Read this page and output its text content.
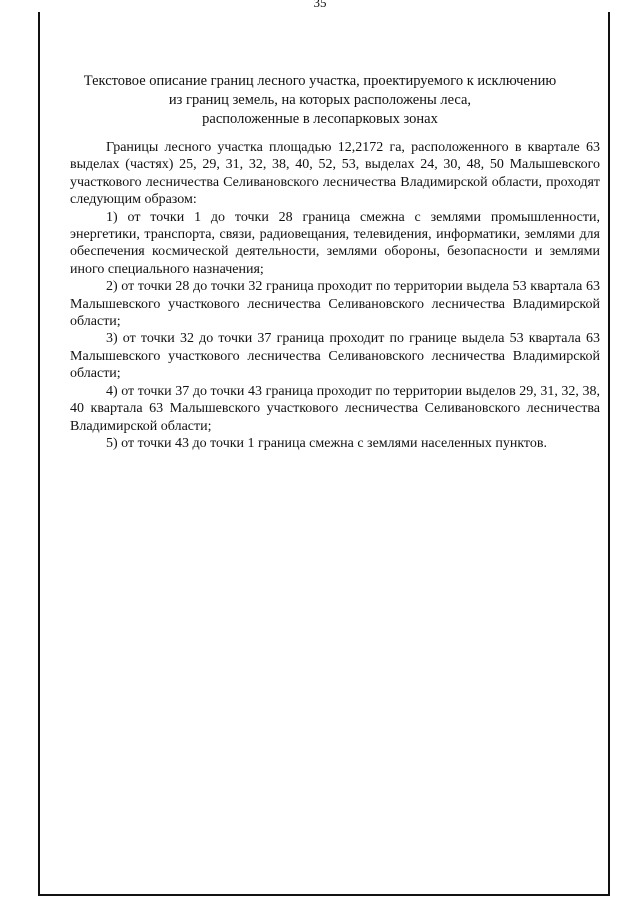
35
Текстовое описание границ лесного участка, проектируемого к исключению
из границ земель, на которых расположены леса,
расположенные в лесопарковых зонах

Границы лесного участка площадью 12,2172 га, расположенного в квартале 63 выделах (частях) 25, 29, 31, 32, 38, 40, 52, 53, выделах 24, 30, 48, 50 Малышевского участкового лесничества Селивановского лесничества Владимирской области, проходят следующим образом:

1) от точки 1 до точки 28 граница смежна с землями промышленности, энергетики, транспорта, связи, радиовещания, телевидения, информатики, землями для обеспечения космической деятельности, землями обороны, безопасности и землями иного специального назначения;

2) от точки 28 до точки 32 граница проходит по территории выдела 53 квартала 63 Малышевского участкового лесничества Селивановского лесничества Владимирской области;

3) от точки 32 до точки 37 граница проходит по границе выдела 53 квартала 63 Малышевского участкового лесничества Селивановского лесничества Владимирской области;

4) от точки 37 до точки 43 граница проходит по территории выделов 29, 31, 32, 38, 40 квартала 63 Малышевского участкового лесничества Селивановского лесничества Владимирской области;

5) от точки 43 до точки 1 граница смежна с землями населенных пунктов.
